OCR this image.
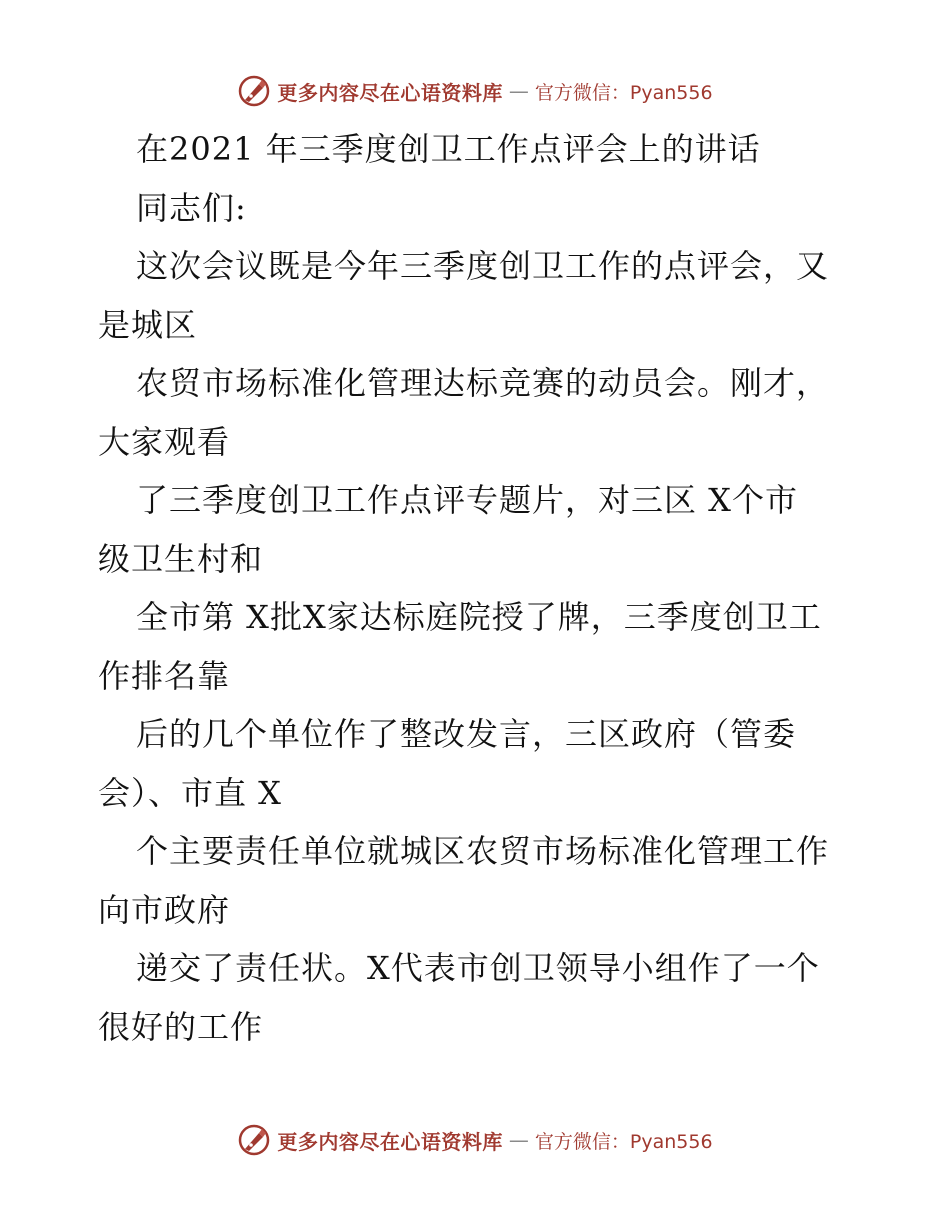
更多内容尽在心语资料库 — 官方微信：Pyan556
在2021 年三季度创卫工作点评会上的讲话
同志们:
这次会议既是今年三季度创卫工作的点评会，又
是城区
农贸市场标准化管理达标竞赛的动员会。刚才，
大家观看
了三季度创卫工作点评专题片，对三区 X个市
级卫生村和
全市第 X批X家达标庭院授了牌，三季度创卫工
作排名靠
后的几个单位作了整改发言，三区政府（管委
会）、市直 X
个主要责任单位就城区农贸市场标准化管理工作
向市政府
递交了责任状。X代表市创卫领导小组作了一个
很好的工作
更多内容尽在心语资料库 — 官方微信：Pyan556
